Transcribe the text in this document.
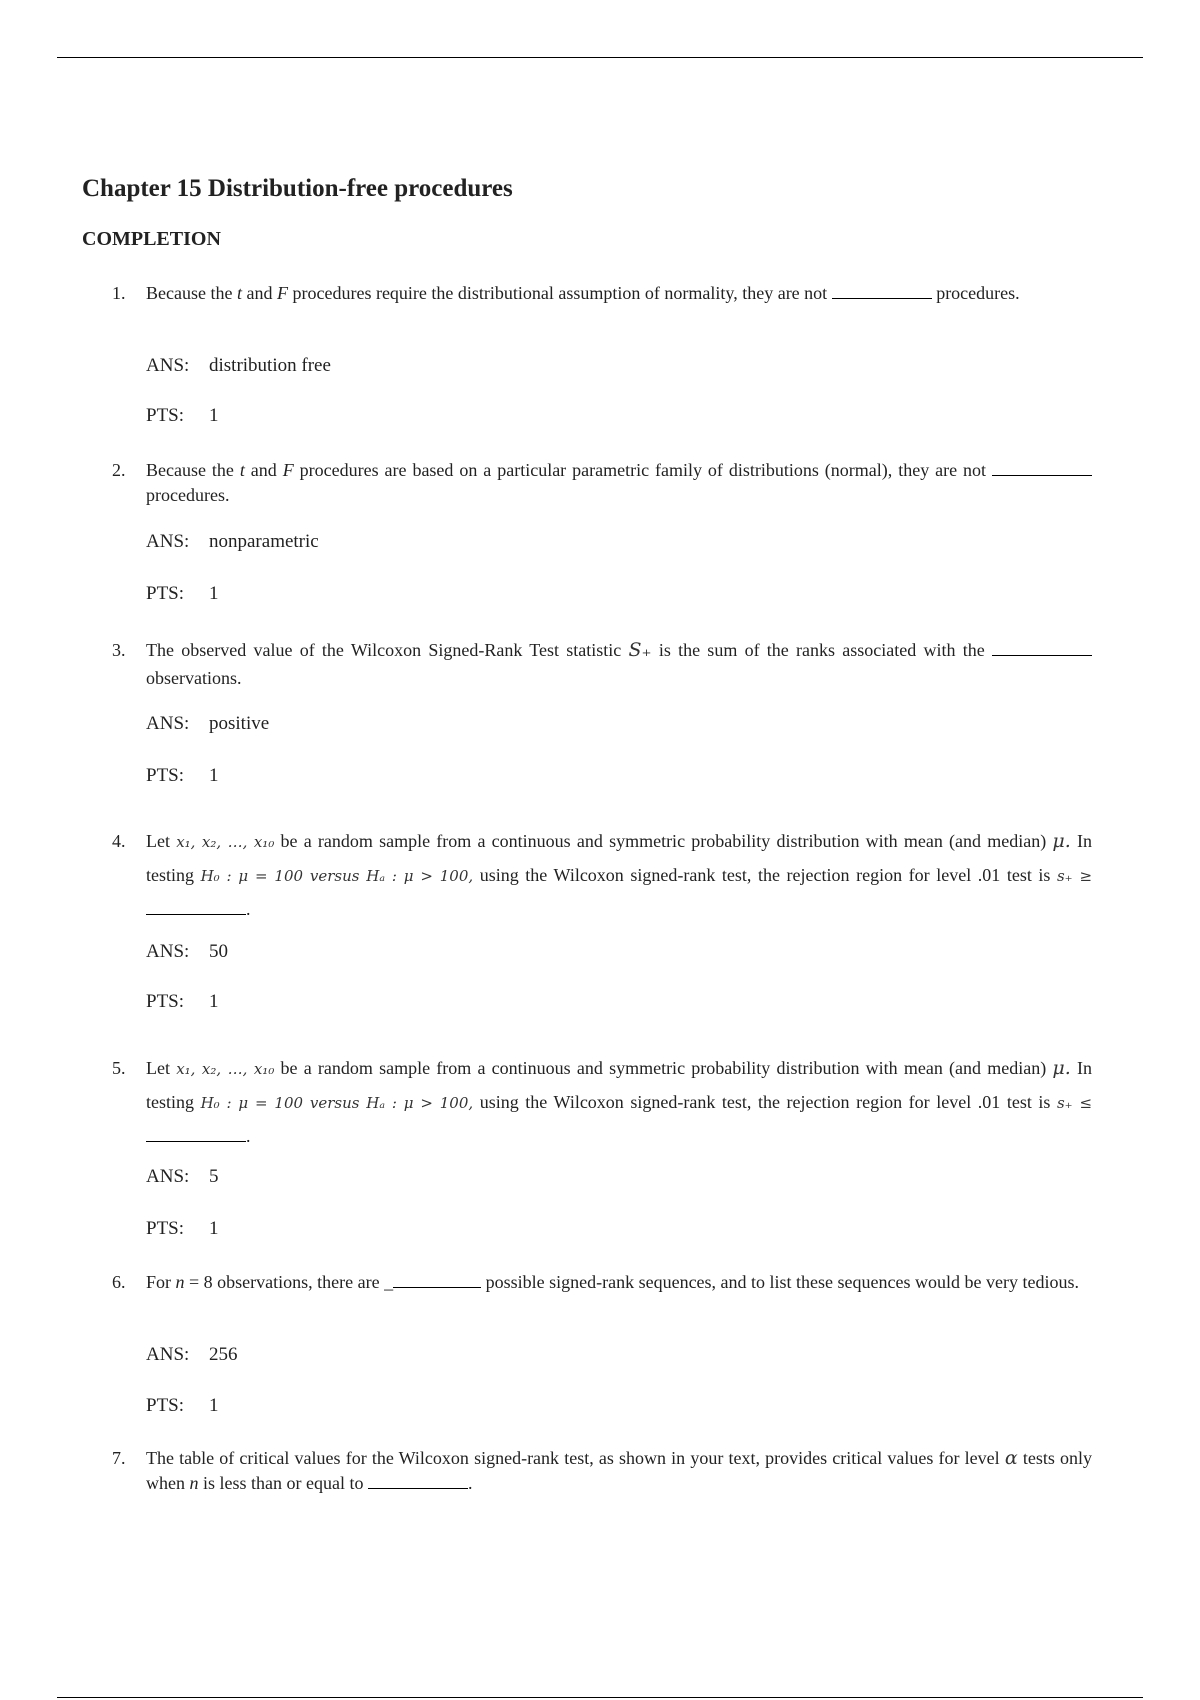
Chapter 15 Distribution-free procedures
COMPLETION
1. Because the t and F procedures require the distributional assumption of normality, they are not	procedures.
ANS: distribution free
PTS: 1
2. Because the t and F procedures are based on a particular parametric family of distributions (normal), they are not  procedures.
ANS: nonparametric
PTS: 1
3. The observed value of the Wilcoxon Signed-Rank Test statistic S₊ is the sum of the ranks associated with the  observations.
ANS: positive
PTS: 1
4. Let x₁, x₂, …, x₁₀ be a random sample from a continuous and symmetric probability distribution with mean (and median) μ. In testing H₀ : μ = 100 versus Hₐ : μ > 100, using the Wilcoxon signed-rank test, the rejection region for level .01 test is s₊ ≥ .
ANS: 50
PTS: 1
5. Let x₁, x₂, …, x₁₀ be a random sample from a continuous and symmetric probability distribution with mean (and median) μ. In testing H₀ : μ = 100 versus Hₐ : μ > 100, using the Wilcoxon signed-rank test, the rejection region for level .01 test is s₊ ≤ .
ANS: 5
PTS: 1
6. For n = 8 observations, there are _	possible signed-rank sequences, and to list these sequences would be very tedious.
ANS: 256
PTS: 1
7. The table of critical values for the Wilcoxon signed-rank test, as shown in your text, provides critical values for level α tests only when n is less than or equal to	.
